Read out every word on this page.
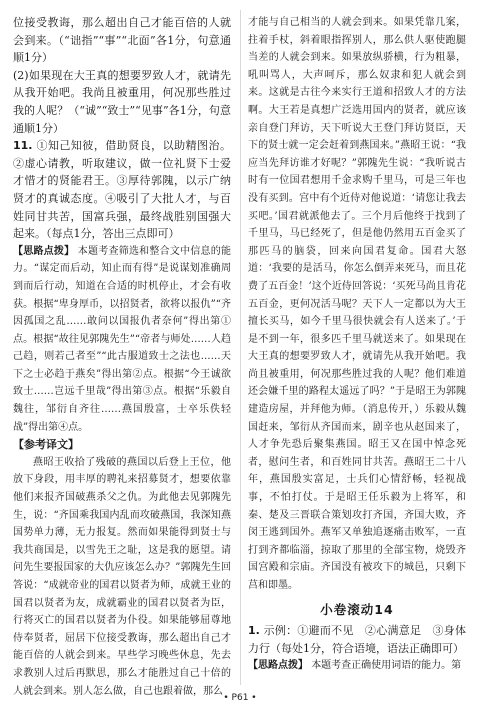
位接受教诲，那么超出自己才能百倍的人就会到来。（“诎指”“事”“北面”各1分，句意通顺1分）

(2)如果现在大王真的想要罗致人才，就请先从我开始吧。我尚且被重用，何况那些胜过我的人呢？（“诚”“致士”“见事”各1分，句意通顺1分）

11. ①知己知彼，借助贤良，以助精图治。②虚心请教，听取建议，做一位礼贤下士爱才惜才的贤能君王。③厚待郭隗，以示广纳贤才的真诚态度。④吸引了大批人才，与百姓同甘共苦，国富兵强，最终战胜别国强大起来。（每点1分，答出三点即可）

【思路点拨】 本题考查筛选和整合文中信息的能力。“谋定而后动，知止而有得”是说谋划准确周到而后行动，知道在合适的时机停止，才会有收获。根据“卑身厚币，以招贤者，欲将以报仇”“齐因孤国之乱……敢问以国报仇者奈何”得出第①点。根据“故往见郭隗先生”“帝者与师处……人趋己趋，则若己者至”“此古服道致士之法也……天下之士必趋于燕矣”得出第②点。根据“今王诚欲致士……岂远千里哉”得出第③点。根据“乐毅自魏往，邹衍自齐往……燕国殷富，士卒乐佚轻战”得出第④点。

【参考译文】

燕昭王收拾了残破的燕国以后登上王位，他放下身段，用丰厚的聘礼来招募贤才，想要依靠他们来报齐国破燕杀父之仇。为此他去见郭隗先生，说：“齐国乘我国内乱而攻破燕国，我深知燕国势单力薄，无力报复。然而如果能得到贤士与我共商国是，以雪先王之耻，这是我的愿望。请问先生要报国家的大仇应该怎么办？”郭隗先生回答说：“成就帝业的国君以贤者为师，成就王业的国君以贤者为友，成就霸业的国君以贤者为臣，行将灭亡的国君以贤者为仆役。如果能够屈尊地侍奉贤者，屈居下位接受教诲，那么超出自己才能百倍的人就会到来。早些学习晚些休息，先去求教别人过后再默思，那么才能胜过自己十倍的人就会到来。别人怎么做，自己也跟着做，那么

才能与自己相当的人就会到来。如果凭靠几案，拄着手杖，斜着眼指挥别人，那么供人驱使跑腿当差的人就会到来。如果放纵骄横，行为粗暴，吼叫骂人，大声呵斥，那么奴隶和犯人就会到来。这就是古往今来实行王道和招致人才的方法啊。大王若是真想广泛选用国内的贤者，就应该亲自登门拜访，天下听说大王登门拜访贤臣，天下的贤士就一定会赶着到燕国来。”燕昭王说：“我应当先拜访谁才好呢？”郭隗先生说：“我听说古时有一位国君想用千金求购千里马，可是三年也没有买到。宫中有个近侍对他说道：‘请您让我去买吧。’国君就派他去了。三个月后他终于找到了千里马，马已经死了，但是他仍然用五百金买了那匹马的脑袋，回来向国君复命。国君大怒道：‘我要的是活马，你怎么倒弄来死马，而且花费了五百金！’这个近侍回答说：‘买死马尚且肯花五百金，更何况活马呢？天下人一定都以为大王擅长买马，如今千里马很快就会有人送来了。’于是不到一年，很多匹千里马就送来了。如果现在大王真的想要罗致人才，就请先从我开始吧。我尚且被重用，何况那些胜过我的人呢？他们难道还会嫌千里的路程太遥远了吗？”于是昭王为郭隗建造房屋，并拜他为师。（消息传开，）乐毅从魏国赶来，邹衍从齐国而来，剧辛也从赵国来了，人才争先恐后聚集燕国。昭王又在国中悼念死者，慰问生者，和百姓同甘共苦。燕昭王二十八年，燕国殷实富足，士兵们心情舒畅，轻视战事，不怕打仗。于是昭王任乐毅为上将军，和秦、楚及三晋联合策划攻打齐国，齐国大败，齐闵王逃到国外。燕军又单独追逐痛击败军，一直打到齐都临淄，掠取了那里的全部宝物，烧毁齐国宫殿和宗庙。齐国没有被攻下的城邑，只剩下莒和即墨。

小卷滚动14

1. 示例：①避而不见　②心满意足　③身体力行（每处1分，符合语境，语法正确即可）

【思路点拨】 本题考查正确使用词语的能力。第

• P61 •
